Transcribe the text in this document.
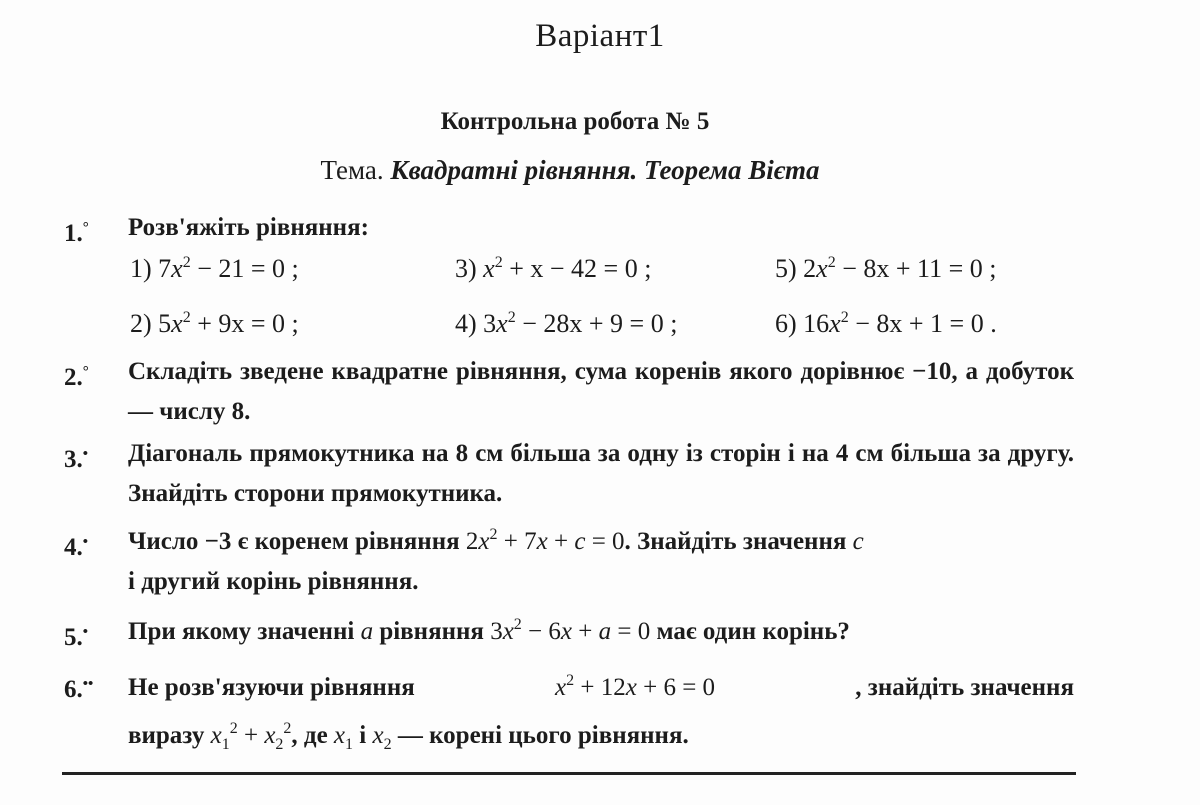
Варіант1
Контрольна робота № 5
Тема. Квадратні рівняння. Теорема Вієта
1.° Розв'яжіть рівняння:
1) $7x^2 - 21 = 0$ ;
2) $5x^2 + 9x = 0$ ;
3) $x^2 + x - 42 = 0$ ;
4) $3x^2 - 28x + 9 = 0$ ;
5) $2x^2 - 8x + 11 = 0$ ;
6) $16x^2 - 8x + 1 = 0$ .
2.° Складіть зведене квадратне рівняння, сума коренів якого дорівнює −10, а добуток — числу 8.
3.• Діагональ прямокутника на 8 см більша за одну із сторін і на 4 см більша за другу. Знайдіть сторони прямокутника.
4.• Число −3 є коренем рівняння $2x^2 + 7x + c = 0$. Знайдіть значення c
і другий корінь рівняння.
5.• При якому значенні a рівняння $3x^2 - 6x + a = 0$ має один корінь?
6.•• Не розв'язуючи рівняння	$x^2 + 12x + 6 = 0$	, знайдіть значення
виразу $x_1^2 + x_2^2$, де $x_1$ і $x_2$ — корені цього рівняння.
